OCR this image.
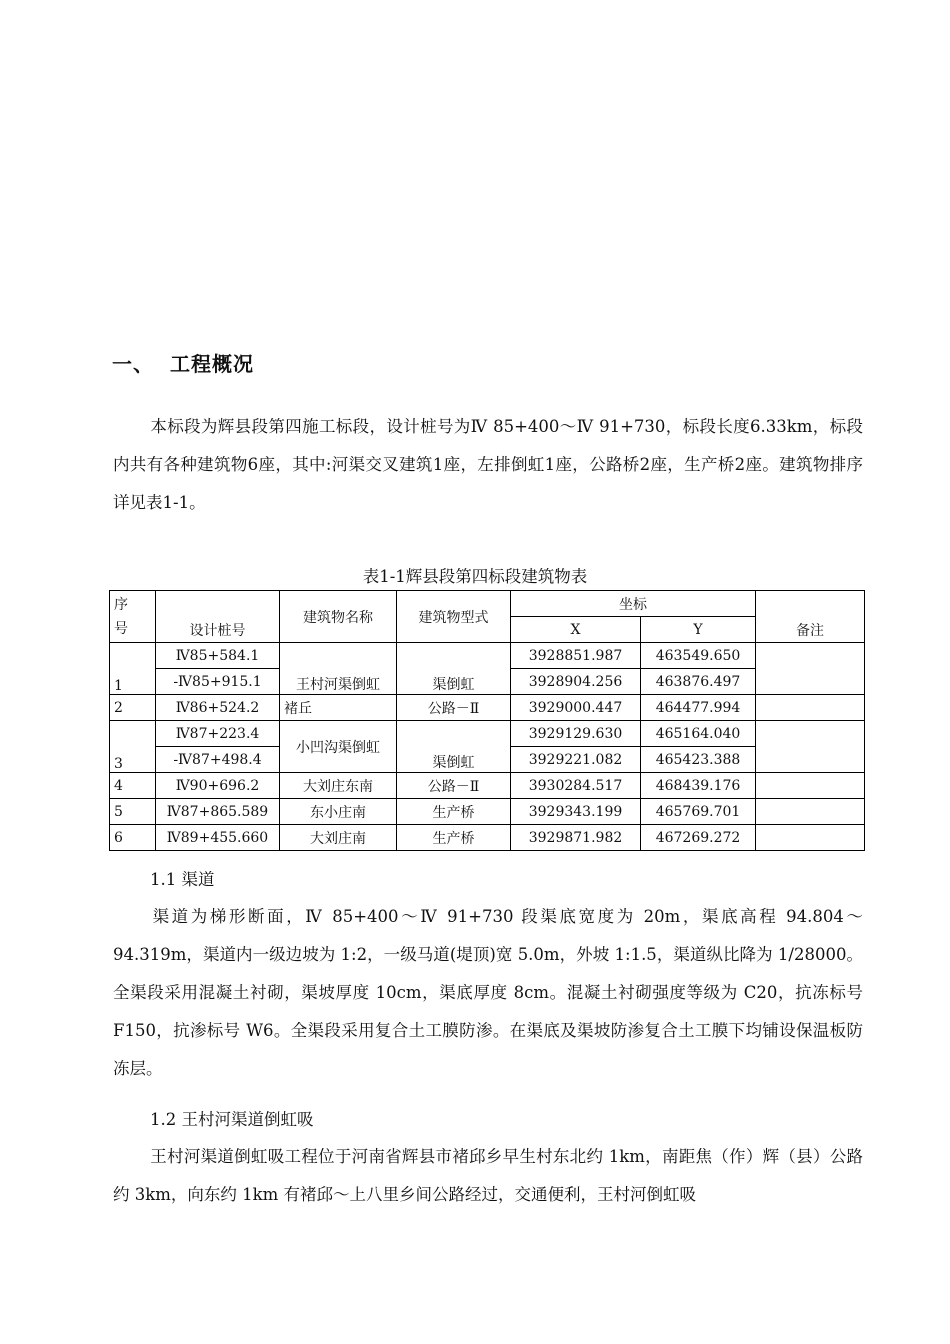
一、 工程概况
本标段为辉县段第四施工标段，设计桩号为Ⅳ 85+400～Ⅳ 91+730，标段长度6.33km，标段内共有各种建筑物6座，其中:河渠交叉建筑1座，左排倒虹1座，公路桥2座，生产桥2座。建筑物排序详见表1-1。
表1-1辉县段第四标段建筑物表
序
号	设计桩号	建筑物名称	建筑物型式	坐标		备注
				X	Y	
1	Ⅳ85+584.1	王村河渠倒虹	渠倒虹	3928851.987	463549.650	
	-Ⅳ85+915.1			3928904.256	463876.497	
2	Ⅳ86+524.2	褚丘	公路－Ⅱ	3929000.447	464477.994	
3	Ⅳ87+223.4	小凹沟渠倒虹	渠倒虹	3929129.630	465164.040	
	-Ⅳ87+498.4			3929221.082	465423.388	
4	Ⅳ90+696.2	大刘庄东南	公路－Ⅱ	3930284.517	468439.176	
5	Ⅳ87+865.589	东小庄南	生产桥	3929343.199	465769.701	
6	Ⅳ89+455.660	大刘庄南	生产桥	3929871.982	467269.272	
1.1 渠道
渠道为梯形断面，Ⅳ 85+400～Ⅳ 91+730 段渠底宽度为 20m，渠底高程 94.804～94.319m，渠道内一级边坡为 1:2，一级马道(堤顶)宽 5.0m，外坡 1:1.5，渠道纵比降为 1/28000。全渠段采用混凝土衬砌，渠坡厚度 10cm，渠底厚度 8cm。混凝土衬砌强度等级为 C20，抗冻标号 F150，抗渗标号 W6。全渠段采用复合土工膜防渗。在渠底及渠坡防渗复合土工膜下均铺设保温板防冻层。
1.2 王村河渠道倒虹吸
王村河渠道倒虹吸工程位于河南省辉县市褚邱乡早生村东北约 1km，南距焦（作）辉（县）公路约 3km，向东约 1km 有褚邱～上八里乡间公路经过，交通便利，王村河倒虹吸
